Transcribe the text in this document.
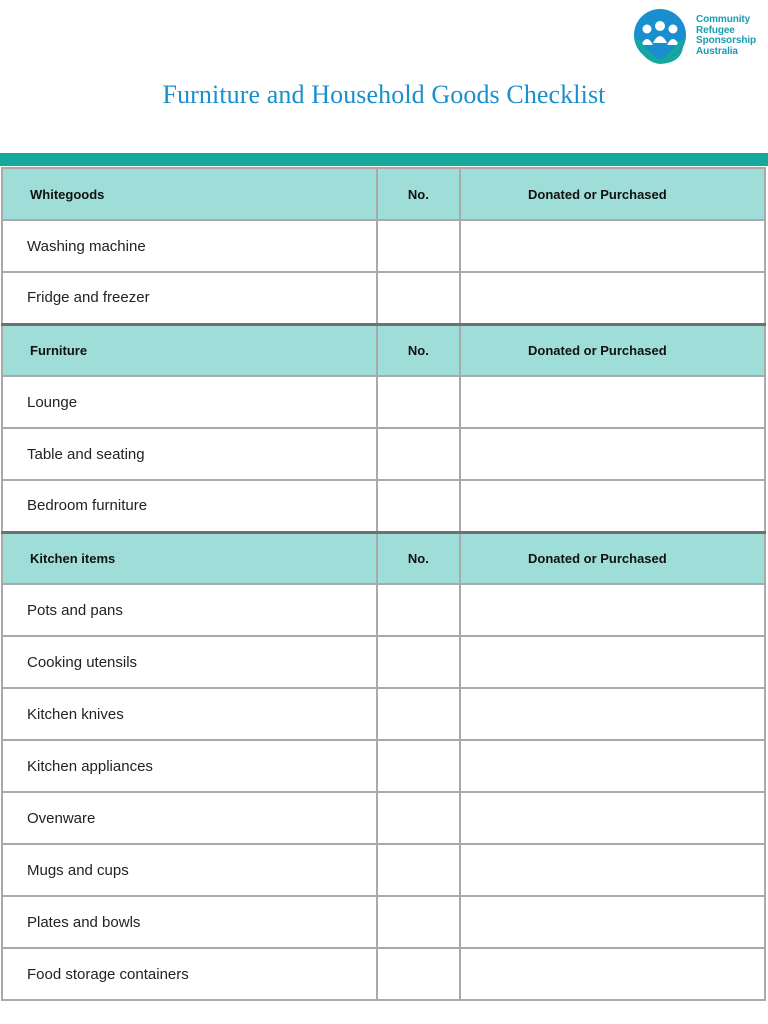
Community
Refugee
Sponsorship
Australia
Furniture and Household Goods Checklist
Whitegoods	No.	Donated or Purchased
Washing machine		
Fridge and freezer		
Furniture	No.	Donated or Purchased
Lounge		
Table and seating		
Bedroom furniture		
Kitchen items	No.	Donated or Purchased
Pots and pans		
Cooking utensils		
Kitchen knives		
Kitchen appliances		
Ovenware		
Mugs and cups		
Plates and bowls		
Food storage containers		
